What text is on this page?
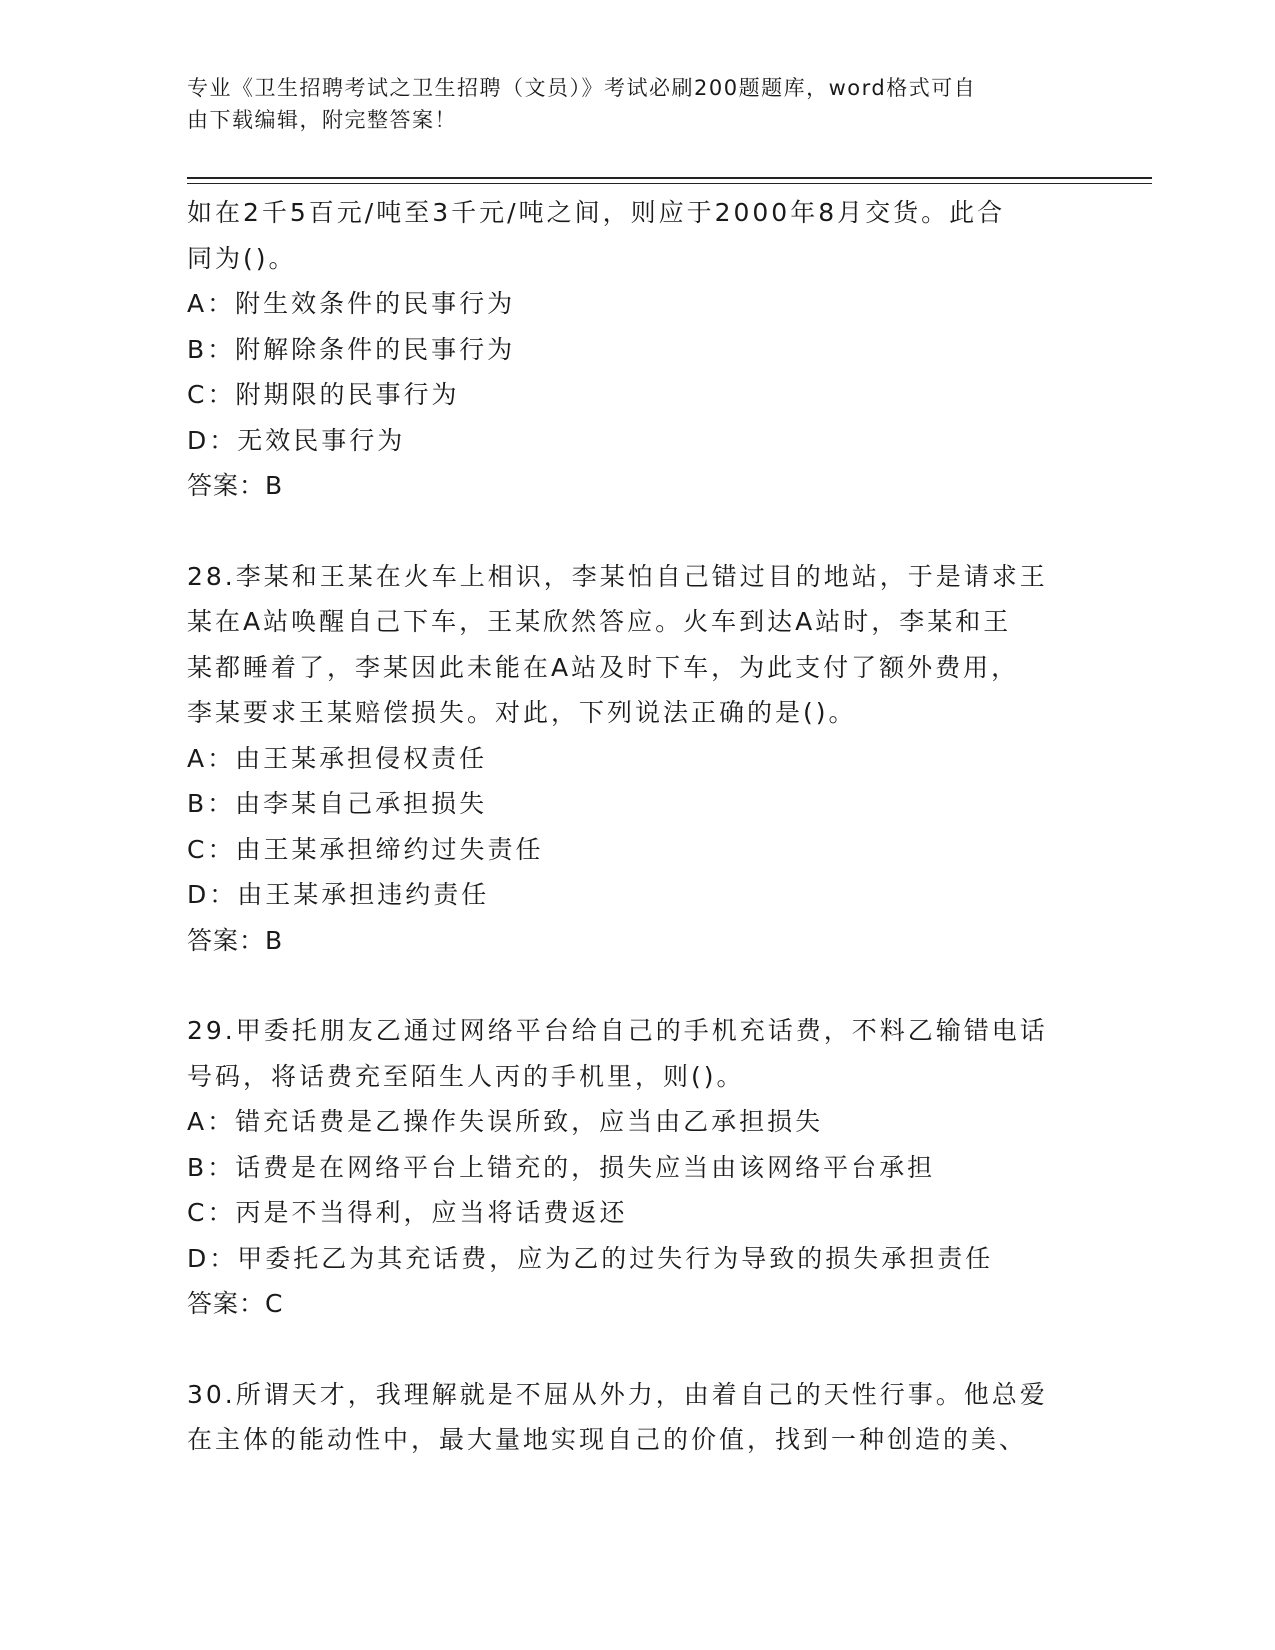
专业《卫生招聘考试之卫生招聘（文员）》考试必刷200题题库，word格式可自
由下载编辑，附完整答案！
如在2千5百元/吨至3千元/吨之间，则应于2000年8月交货。此合
同为()。
A：附生效条件的民事行为
B：附解除条件的民事行为
C：附期限的民事行为
D：无效民事行为
答案：B
28.李某和王某在火车上相识，李某怕自己错过目的地站，于是请求王
某在A站唤醒自己下车，王某欣然答应。火车到达A站时，李某和王
某都睡着了，李某因此未能在A站及时下车，为此支付了额外费用，
李某要求王某赔偿损失。对此，下列说法正确的是()。
A：由王某承担侵权责任
B：由李某自己承担损失
C：由王某承担缔约过失责任
D：由王某承担违约责任
答案：B
29.甲委托朋友乙通过网络平台给自己的手机充话费，不料乙输错电话
号码，将话费充至陌生人丙的手机里，则()。
A：错充话费是乙操作失误所致，应当由乙承担损失
B：话费是在网络平台上错充的，损失应当由该网络平台承担
C：丙是不当得利，应当将话费返还
D：甲委托乙为其充话费，应为乙的过失行为导致的损失承担责任
答案：C
30.所谓天才，我理解就是不屈从外力，由着自己的天性行事。他总爱
在主体的能动性中，最大量地实现自己的价值，找到一种创造的美、
